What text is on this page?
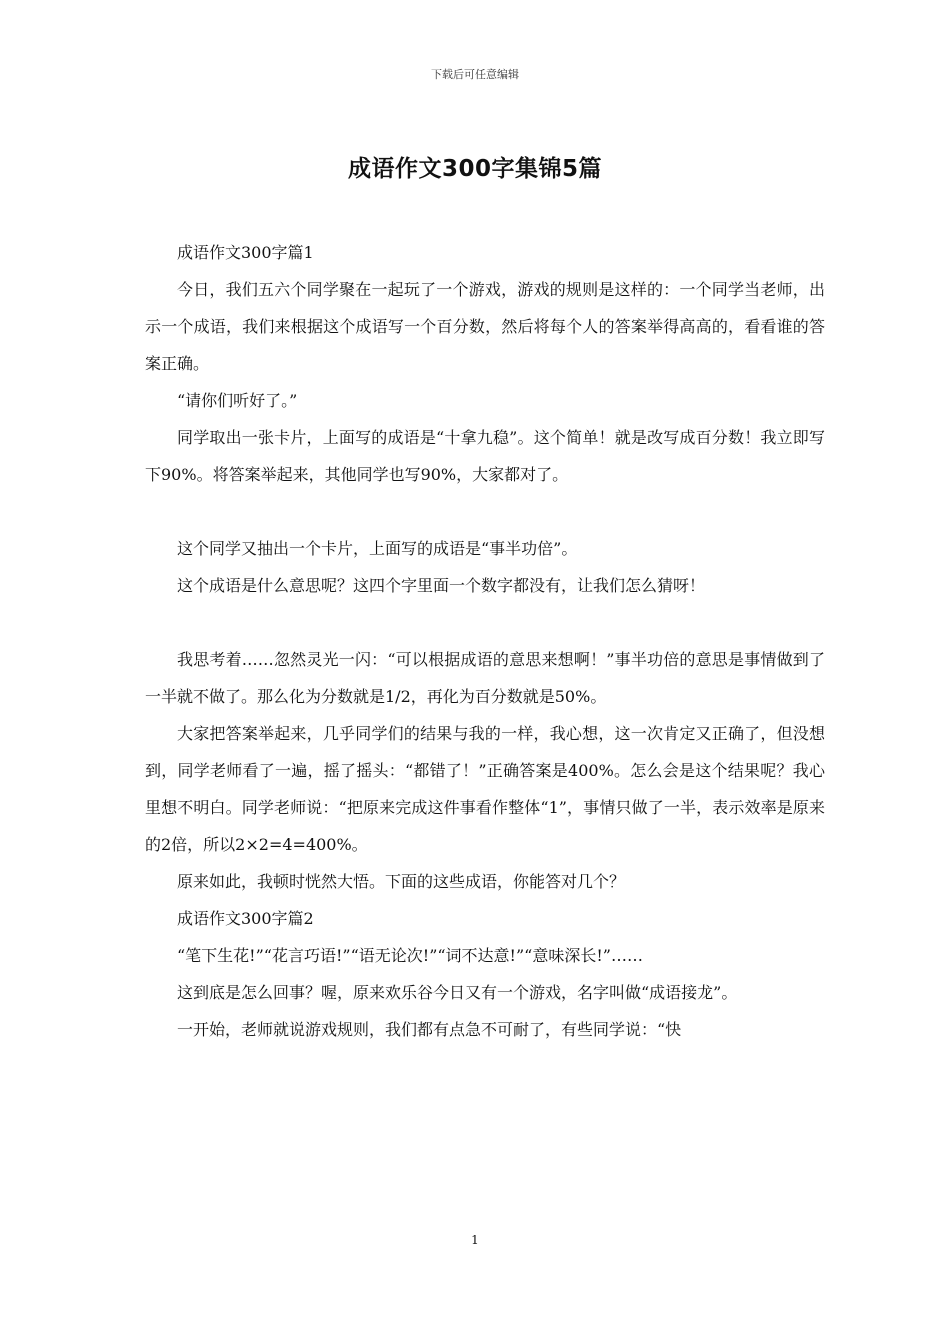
下载后可任意编辑
成语作文300字集锦5篇

成语作文300字篇1

今日，我们五六个同学聚在一起玩了一个游戏，游戏的规则是这样的：一个同学当老师，出示一个成语，我们来根据这个成语写一个百分数，然后将每个人的答案举得高高的，看看谁的答案正确。

“请你们听好了。”

同学取出一张卡片，上面写的成语是“十拿九稳”。这个简单！就是改写成百分数！我立即写下90%。将答案举起来，其他同学也写90%，大家都对了。

这个同学又抽出一个卡片，上面写的成语是“事半功倍”。

这个成语是什么意思呢？这四个字里面一个数字都没有，让我们怎么猜呀！

我思考着……忽然灵光一闪：“可以根据成语的意思来想啊！”事半功倍的意思是事情做到了一半就不做了。那么化为分数就是1/2，再化为百分数就是50%。

大家把答案举起来，几乎同学们的结果与我的一样，我心想，这一次肯定又正确了，但没想到，同学老师看了一遍，摇了摇头：“都错了！”正确答案是400%。怎么会是这个结果呢？我心里想不明白。同学老师说：“把原来完成这件事看作整体“1”，事情只做了一半，表示效率是原来的2倍，所以2×2=4=400%。

原来如此，我顿时恍然大悟。下面的这些成语，你能答对几个？

成语作文300字篇2

“笔下生花!”“花言巧语!”“语无论次!”“词不达意!”“意味深长!”……

这到底是怎么回事？喔，原来欢乐谷今日又有一个游戏，名字叫做“成语接龙”。

一开始，老师就说游戏规则，我们都有点急不可耐了，有些同学说：“快

1
